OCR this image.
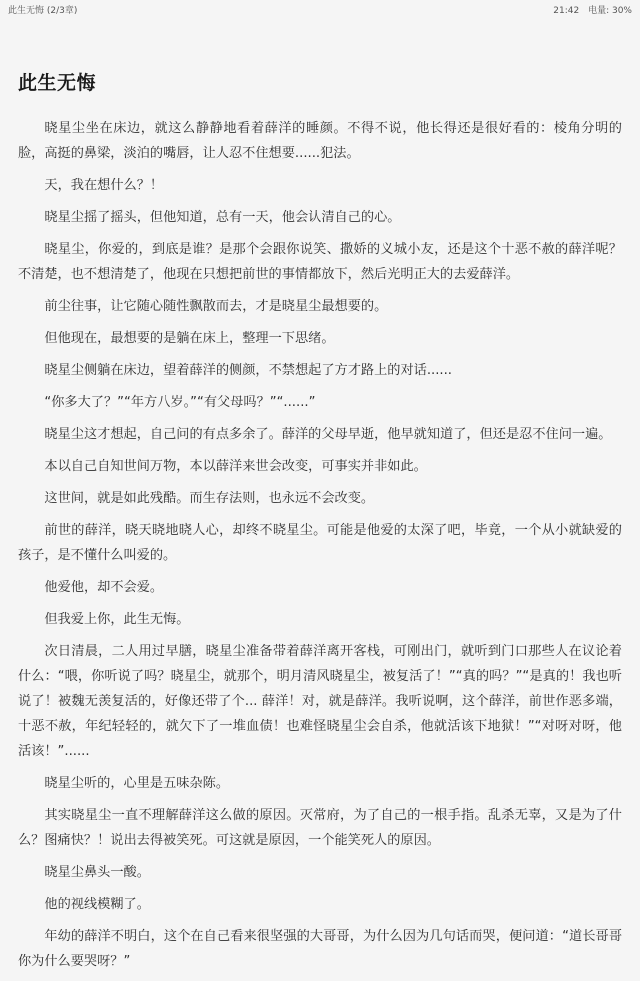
此生无悔 (2/3章)	21:42 电量: 30%
此生无悔

晓星尘坐在床边，就这么静静地看着薛洋的睡颜。不得不说，他长得还是很好看的：棱角分明的脸，高挺的鼻梁，淡泊的嘴唇，让人忍不住想要......犯法。

天，我在想什么？！

晓星尘摇了摇头，但他知道，总有一天，他会认清自己的心。

晓星尘，你爱的，到底是谁？是那个会跟你说笑、撒娇的义城小友，还是这个十恶不赦的薛洋呢？不清楚，也不想清楚了，他现在只想把前世的事情都放下，然后光明正大的去爱薛洋。

前尘往事，让它随心随性飘散而去，才是晓星尘最想要的。

但他现在，最想要的是躺在床上，整理一下思绪。

晓星尘侧躺在床边，望着薛洋的侧颜，不禁想起了方才路上的对话......

“你多大了？”“年方八岁。”“有父母吗？”“......”

晓星尘这才想起，自己问的有点多余了。薛洋的父母早逝，他早就知道了，但还是忍不住问一遍。

本以自己自知世间万物，本以薛洋来世会改变，可事实并非如此。

这世间，就是如此残酷。而生存法则，也永远不会改变。

前世的薛洋，晓天晓地晓人心，却终不晓星尘。可能是他爱的太深了吧，毕竟，一个从小就缺爱的孩子，是不懂什么叫爱的。

他爱他，却不会爱。

但我爱上你，此生无悔。

次日清晨，二人用过早膳，晓星尘准备带着薛洋离开客栈，可刚出门，就听到门口那些人在议论着什么：“喂，你听说了吗？晓星尘，就那个，明月清风晓星尘，被复活了！”“真的吗？”“是真的！我也听说了！被魏无羡复活的，好像还带了个... 薛洋！对，就是薛洋。我听说啊，这个薛洋，前世作恶多端，十恶不赦，年纪轻轻的，就欠下了一堆血债！也难怪晓星尘会自杀，他就活该下地狱！”“对呀对呀，他活该！”......

晓星尘听的，心里是五味杂陈。

其实晓星尘一直不理解薛洋这么做的原因。灭常府，为了自己的一根手指。乱杀无辜，又是为了什么？图痛快？！说出去得被笑死。可这就是原因，一个能笑死人的原因。

晓星尘鼻头一酸。

他的视线模糊了。

年幼的薛洋不明白，这个在自己看来很坚强的大哥哥，为什么因为几句话而哭，便问道：“道长哥哥你为什么要哭呀？”
